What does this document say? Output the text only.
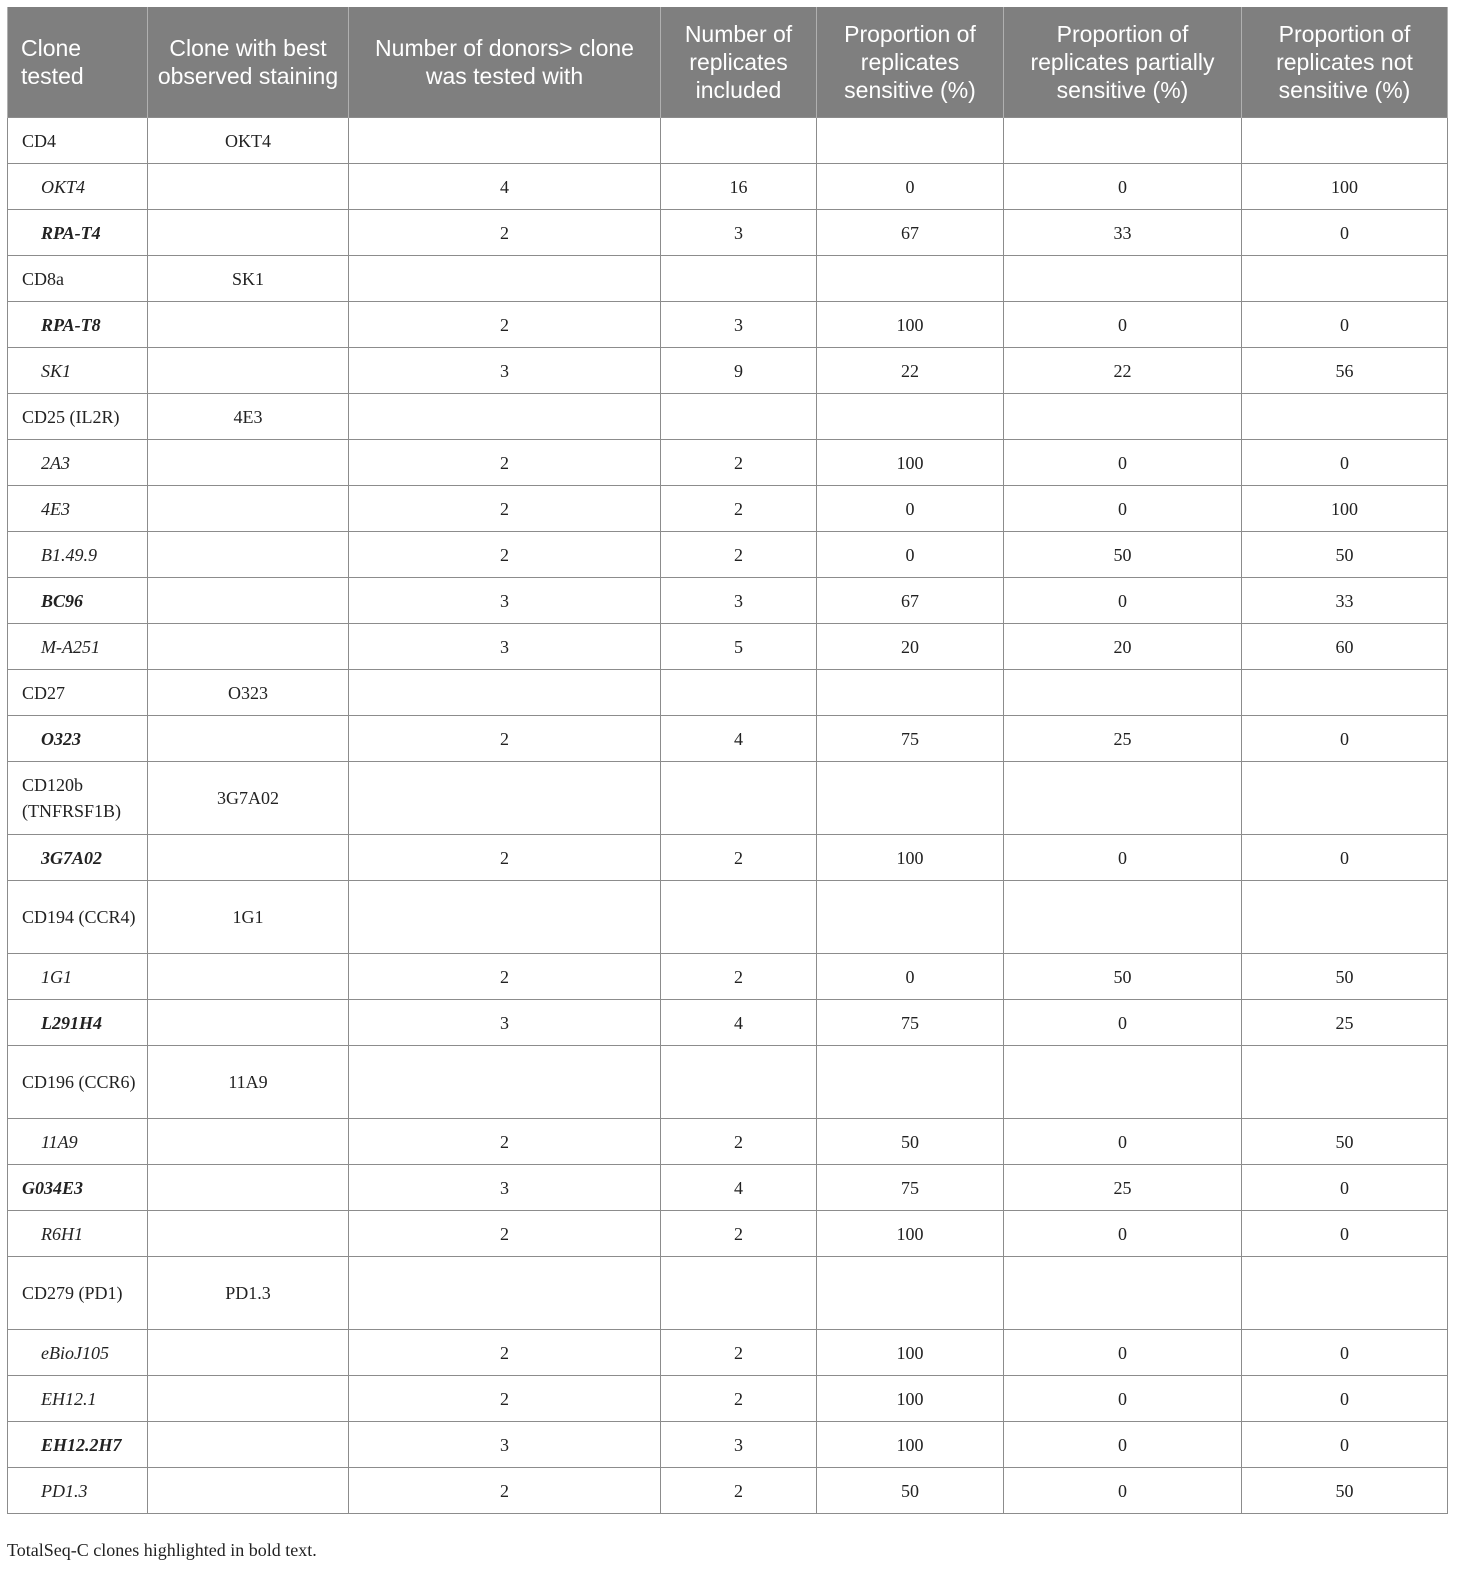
Clone tested	Clone with best observed staining	Number of donors> clone was tested with	Number of replicates included	Proportion of replicates sensitive (%)	Proportion of replicates partially sensitive (%)	Proportion of replicates not sensitive (%)
CD4	OKT4					
OKT4		4	16	0	0	100
RPA-T4		2	3	67	33	0
CD8a	SK1					
RPA-T8		2	3	100	0	0
SK1		3	9	22	22	56
CD25 (IL2R)	4E3					
2A3		2	2	100	0	0
4E3		2	2	0	0	100
B1.49.9		2	2	0	50	50
BC96		3	3	67	0	33
M-A251		3	5	20	20	60
CD27	O323					
O323		2	4	75	25	0
CD120b (TNFRSF1B)	3G7A02					
3G7A02		2	2	100	0	0
CD194 (CCR4)	1G1					
1G1		2	2	0	50	50
L291H4		3	4	75	0	25
CD196 (CCR6)	11A9					
11A9		2	2	50	0	50
G034E3		3	4	75	25	0
R6H1		2	2	100	0	0
CD279 (PD1)	PD1.3					
eBioJ105		2	2	100	0	0
EH12.1		2	2	100	0	0
EH12.2H7		3	3	100	0	0
PD1.3		2	2	50	0	50
TotalSeq-C clones highlighted in bold text.
